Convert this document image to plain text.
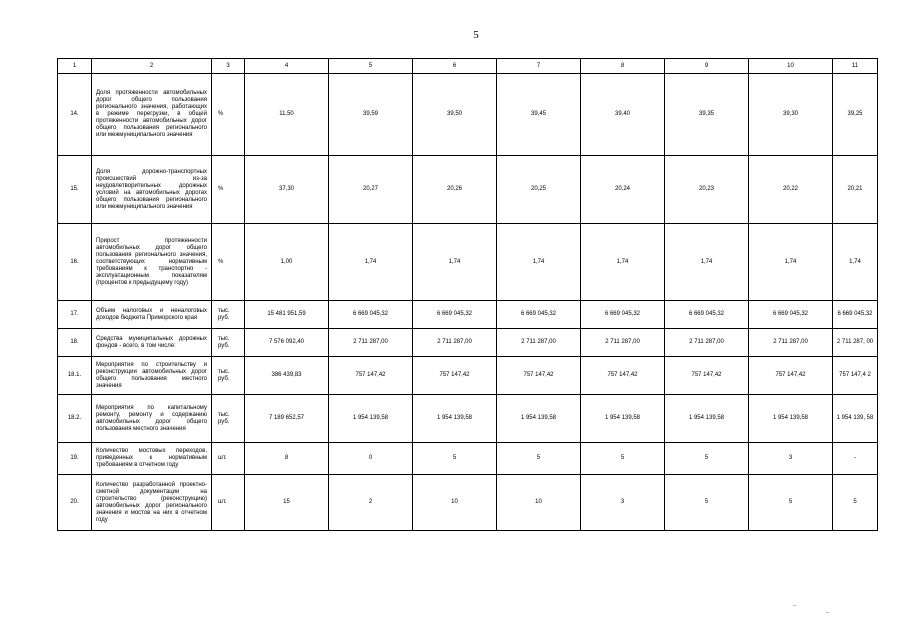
5
1	2	3	4	5	6	7	8	9	10	11
14.	Доля протяженности автомобильных дорог общего пользования регионального значения, работающих в режиме перегрузки, в общей протяженности автомобильных дорог общего пользования регионального или межмуниципального значения	%	11,50	39,59	39,50	39,45	39,40	39,35	39,30	39,25
15.	Доля дорожно-транспортных происшествий из-за неудовлетворительных дорожных условий на автомобильных дорогах общего пользования регионального или межмуниципального значения	%	37,30	20,27	20,26	20,25	20,24	20,23	20,22	20,21
16.	Прирост протяженности автомобильных дорог общего пользования регионального значения, соответствующих нормативным требованиям к транспортно - эксплуатационным показателям (процентов к предыдущему году)	%	1,00	1,74	1,74	1,74	1,74	1,74	1,74	1,74
17.	Объем налоговых и неналоговых доходов бюджета Приморского края	тыс. руб.	15 481 951,59	6 669 045,32	6 669 045,32	6 669 045,32	6 669 045,32	6 669 045,32	6 669 045,32	6 669 045,32
18.	Средства муниципальных дорожных фондов - всего, в том числе:	тыс. руб.	7 576 092,40	2 711 287,00	2 711 287,00	2 711 287,00	2 711 287,00	2 711 287,00	2 711 287,00	2 711 287, 00
18.1.	Мероприятия по строительству и реконструкции автомобильных дорог общего пользования местного значения	тыс. руб.	386 439,83	757 147,42	757 147,42	757 147,42	757 147,42	757 147,42	757 147,42	757 147,4 2
18.2.	Мероприятия по капитальному ремонту, ремонту и содержанию автомобильных дорог общего пользования местного значения	тыс. руб.	7 189 652,57	1 954 139,58	1 954 139,58	1 954 139,58	1 954 139,58	1 954 139,58	1 954 139,58	1 954 139, 58
19.	Количество мостовых переходов, приведенных к нормативным требованиям в отчетном году	шт.	8	0	5	5	5	5	3	-
20.	Количество разработанной проектно-сметной документации на строительство (реконструкцию) автомобильных дорог регионального значения и мостов на них в отчетном году	шт.	15	2	10	10	3	5	5	5
